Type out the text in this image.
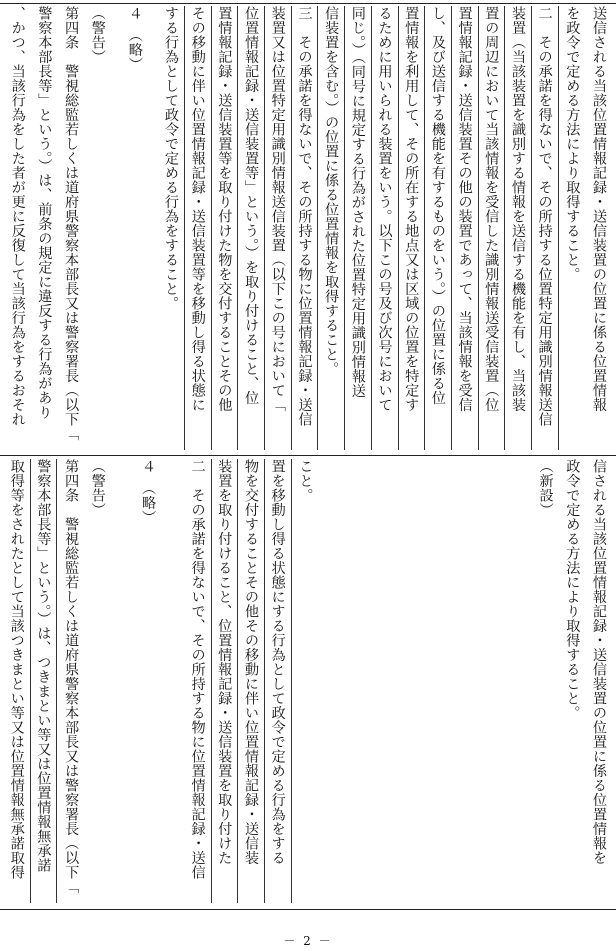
送信される当該位置情報記録・送信装置の位置に係る位置情報
を政令で定める方法により取得すること。
二　その承諾を得ないで、その所持する位置特定用識別情報送信
装置（当該装置を識別する情報を送信する機能を有し、当該装
置の周辺において当該情報を受信した識別情報送受信装置（位
置情報記録・送信装置その他の装置であって、当該情報を受信
し、及び送信する機能を有するものをいう。）の位置に係る位
置情報を利用して、その所在する地点又は区域の位置を特定す
るために用いられる装置をいう。以下この号及び次号において
同じ。）（同号に規定する行為がされた位置特定用識別情報送
信装置を含む。）の位置に係る位置情報を取得すること。
三　その承諾を得ないで、その所持する物に位置情報記録・送信
装置又は位置特定用識別情報送信装置（以下この号において「
位置情報記録・送信装置等」という。）を取り付けること、位
置情報記録・送信装置等を取り付けた物を交付することその他
その移動に伴い位置情報記録・送信装置等を移動し得る状態に
する行為として政令で定める行為をすること。
４　（略）
（警告）
第四条　警視総監若しくは道府県警察本部長又は警察署長（以下「
警察本部長等」という。）は、前条の規定に違反する行為があり
、かつ、当該行為をした者が更に反復して当該行為をするおそれ
信される当該位置情報記録・送信装置の位置に係る位置情報を
政令で定める方法により取得すること。
（新設）
こと。
置を移動し得る状態にする行為として政令で定める行為をする
物を交付することその他その移動に伴い位置情報記録・送信装
装置を取り付けること、位置情報記録・送信装置を取り付けた
二　その承諾を得ないで、その所持する物に位置情報記録・送信
４　（略）
（警告）
第四条　警視総監若しくは道府県警察本部長又は警察署長（以下「
警察本部長等」という。）は、つきまとい等又は位置情報無承諾
取得等をされたとして当該つきまとい等又は位置情報無承諾取得
－ 2 －
